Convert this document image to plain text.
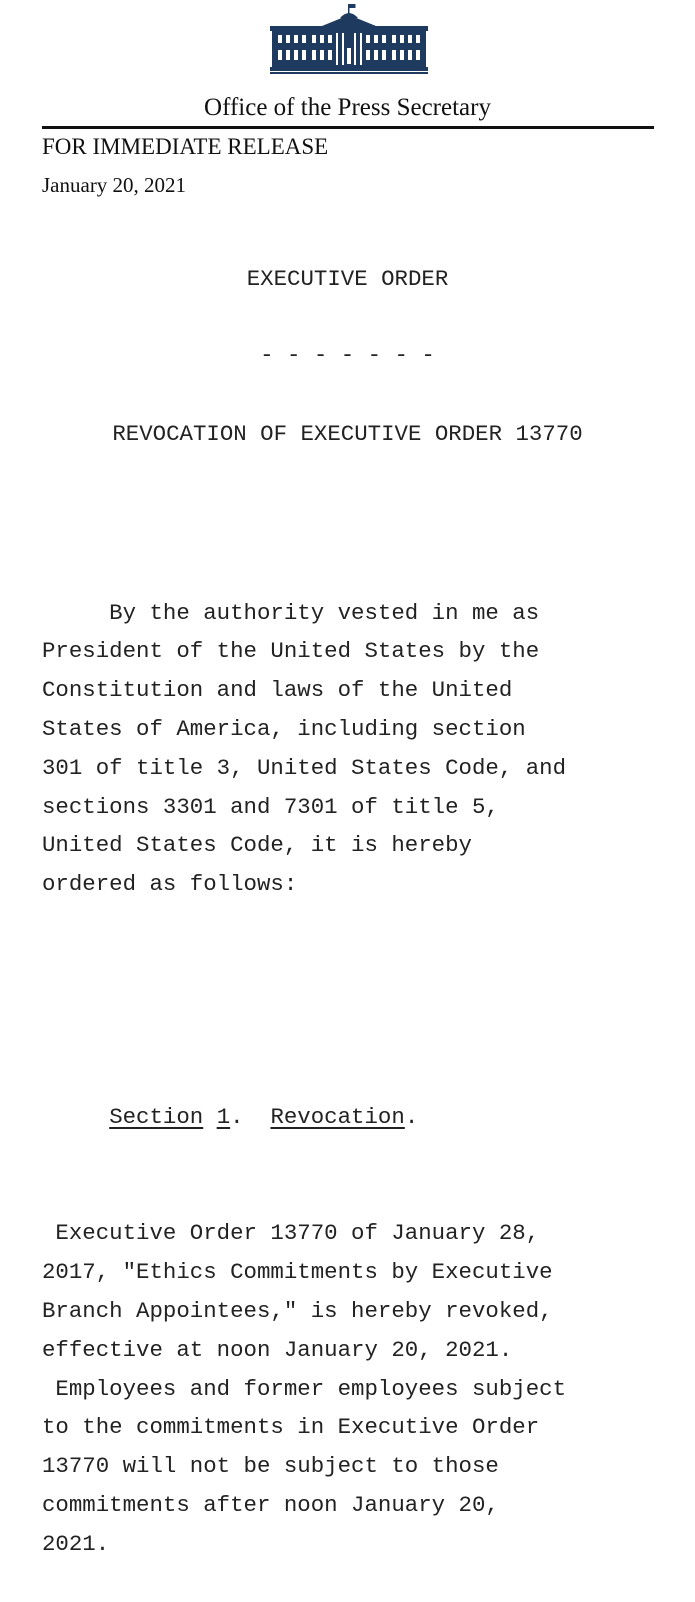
Office of the Press Secretary
FOR IMMEDIATE RELEASE
January 20, 2021
EXECUTIVE ORDER
- - - - - - -
REVOCATION OF EXECUTIVE ORDER 13770

By the authority vested in me as
President of the United States by the
Constitution and laws of the United
States of America, including section
301 of title 3, United States Code, and
sections 3301 and 7301 of title 5,
United States Code, it is hereby
ordered as follows:

Section 1.  Revocation.

Executive Order 13770 of January 28,
2017, "Ethics Commitments by Executive
Branch Appointees," is hereby revoked,
effective at noon January 20, 2021.
Employees and former employees subject
to the commitments in Executive Order
13770 will not be subject to those
commitments after noon January 20,
2021.
